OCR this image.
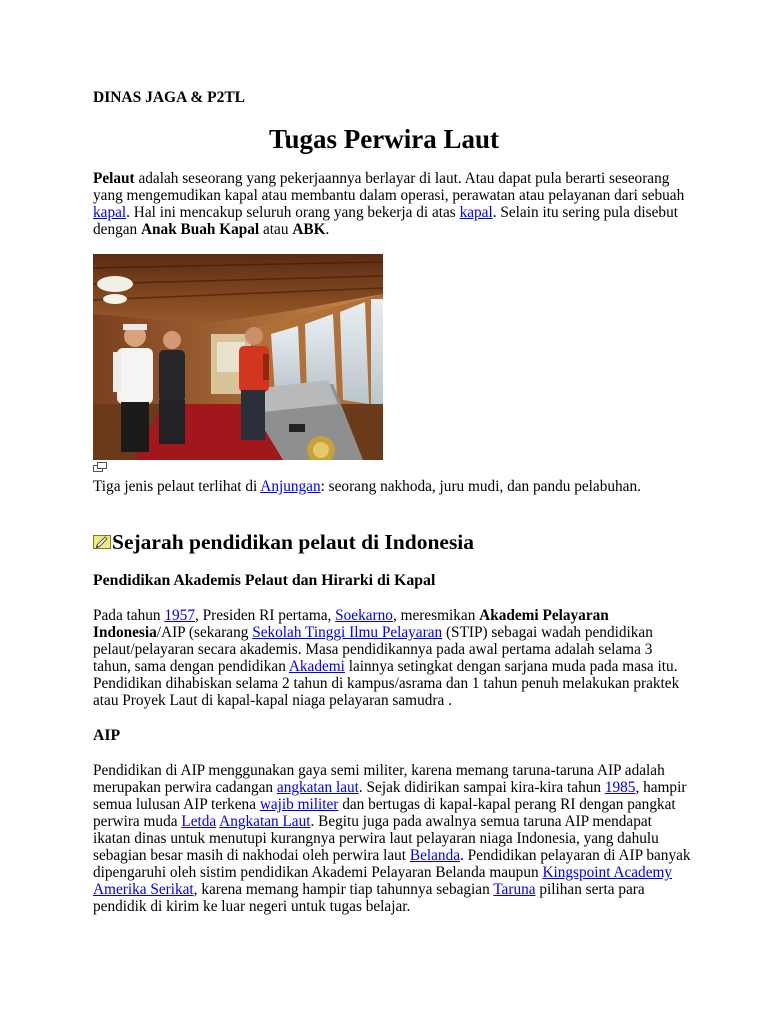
DINAS JAGA & P2TL
Tugas Perwira Laut

Pelaut adalah seseorang yang pekerjaannya berlayar di laut. Atau dapat pula berarti seseorang yang mengemudikan kapal atau membantu dalam operasi, perawatan atau pelayanan dari sebuah kapal. Hal ini mencakup seluruh orang yang bekerja di atas kapal. Selain itu sering pula disebut dengan Anak Buah Kapal atau ABK.

Tiga jenis pelaut terlihat di Anjungan: seorang nakhoda, juru mudi, dan pandu pelabuhan.

Sejarah pendidikan pelaut di Indonesia
Pendidikan Akademis Pelaut dan Hirarki di Kapal

Pada tahun 1957, Presiden RI pertama, Soekarno, meresmikan Akademi Pelayaran Indonesia/AIP (sekarang Sekolah Tinggi Ilmu Pelayaran (STIP) sebagai wadah pendidikan pelaut/pelayaran secara akademis. Masa pendidikannya pada awal pertama adalah selama 3 tahun, sama dengan pendidikan Akademi lainnya setingkat dengan sarjana muda pada masa itu. Pendidikan dihabiskan selama 2 tahun di kampus/asrama dan 1 tahun penuh melakukan praktek atau Proyek Laut di kapal-kapal niaga pelayaran samudra .

AIP

Pendidikan di AIP menggunakan gaya semi militer, karena memang taruna-taruna AIP adalah merupakan perwira cadangan angkatan laut. Sejak didirikan sampai kira-kira tahun 1985, hampir semua lulusan AIP terkena wajib militer dan bertugas di kapal-kapal perang RI dengan pangkat perwira muda Letda Angkatan Laut. Begitu juga pada awalnya semua taruna AIP mendapat ikatan dinas untuk menutupi kurangnya perwira laut pelayaran niaga Indonesia, yang dahulu sebagian besar masih di nakhodai oleh perwira laut Belanda. Pendidikan pelayaran di AIP banyak dipengaruhi oleh sistim pendidikan Akademi Pelayaran Belanda maupun Kingspoint Academy Amerika Serikat, karena memang hampir tiap tahunnya sebagian Taruna pilihan serta para pendidik di kirim ke luar negeri untuk tugas belajar.
